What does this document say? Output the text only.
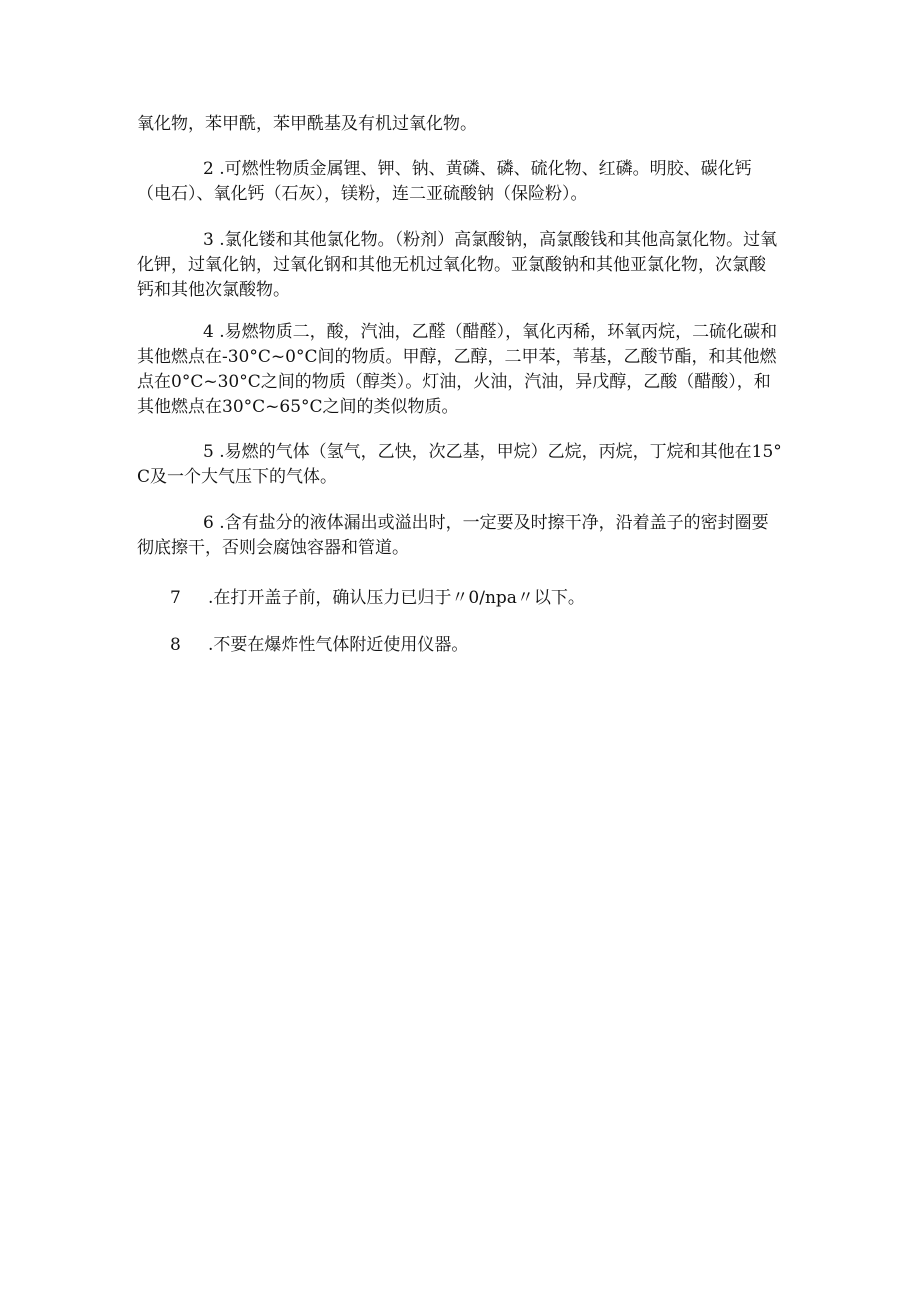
氧化物，苯甲酰，苯甲酰基及有机过氧化物。

2 .可燃性物质金属锂、钾、钠、黄磷、磷、硫化物、红磷。明胶、碳化钙（电石）、氧化钙（石灰），镁粉，连二亚硫酸钠（保险粉）。

3 .氯化镂和其他氯化物。（粉剂）高氯酸钠，高氯酸钱和其他高氯化物。过氧化钾，过氧化钠，过氧化钢和其他无机过氧化物。亚氯酸钠和其他亚氯化物，次氯酸钙和其他次氯酸物。

4 .易燃物质二，酸，汽油，乙醛（醋醛），氧化丙稀，环氧丙烷，二硫化碳和其他燃点在-30°C~0°C间的物质。甲醇，乙醇，二甲苯，苇基，乙酸节酯，和其他燃点在0°C~30°C之间的物质（醇类）。灯油，火油，汽油，异戊醇，乙酸（醋酸），和其他燃点在30°C~65°C之间的类似物质。

5 .易燃的气体（氢气，乙快，次乙基，甲烷）乙烷，丙烷，丁烷和其他在15°C及一个大气压下的气体。

6 .含有盐分的液体漏出或溢出时，一定要及时擦干净，沿着盖子的密封圈要彻底擦干，否则会腐蚀容器和管道。

7 .在打开盖子前，确认压力已归于〃0∕npa〃以下。

8 .不要在爆炸性气体附近使用仪器。
